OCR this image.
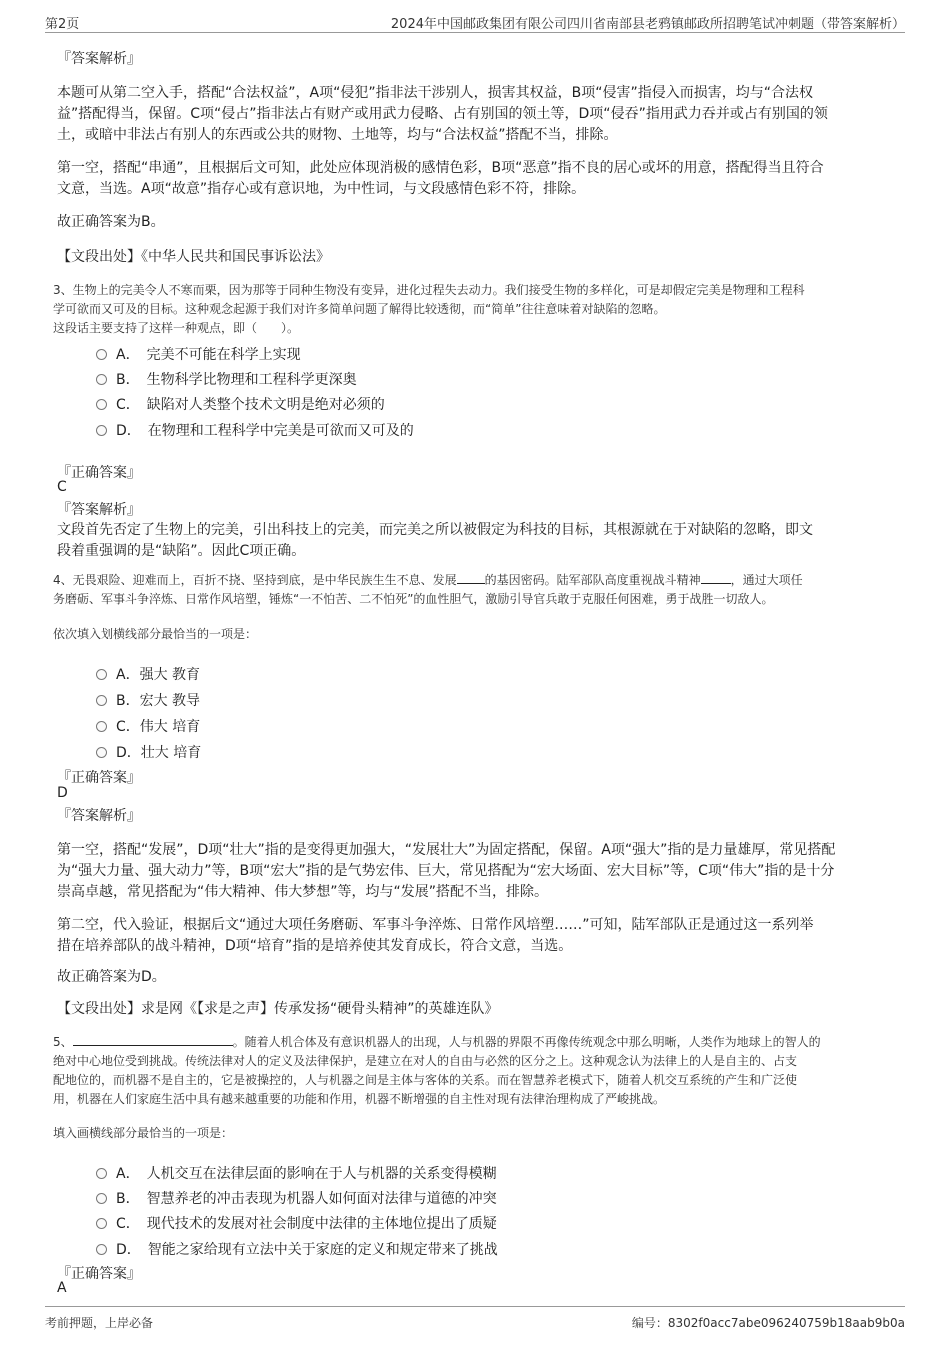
第2页	2024年中国邮政集团有限公司四川省南部县老鸦镇邮政所招聘笔试冲刺题（带答案解析）
『答案解析』
本题可从第二空入手，搭配“合法权益”，A项“侵犯”指非法干涉别人，损害其权益，B项“侵害”指侵入而损害，均与“合法权
益”搭配得当，保留。C项“侵占”指非法占有财产或用武力侵略、占有别国的领土等，D项“侵吞”指用武力吞并或占有别国的领
土，或暗中非法占有别人的东西或公共的财物、土地等，均与“合法权益”搭配不当，排除。
第一空，搭配“串通”，且根据后文可知，此处应体现消极的感情色彩，B项“恶意”指不良的居心或坏的用意，搭配得当且符合
文意，当选。A项“故意”指存心或有意识地，为中性词，与文段感情色彩不符，排除。
故正确答案为B。
【文段出处】《中华人民共和国民事诉讼法》
3、生物上的完美令人不寒而栗，因为那等于同种生物没有变异，进化过程失去动力。我们接受生物的多样化，可是却假定完美是物理和工程科
学可欲而又可及的目标。这种观念起源于我们对许多简单问题了解得比较透彻，而“简单”往往意味着对缺陷的忽略。
这段话主要支持了这样一种观点，即（　　）。
A．　完美不可能在科学上实现
B．　生物科学比物理和工程科学更深奥
C．　缺陷对人类整个技术文明是绝对必须的
D．　在物理和工程科学中完美是可欲而又可及的
『正确答案』
C
『答案解析』
文段首先否定了生物上的完美，引出科技上的完美，而完美之所以被假定为科技的目标，其根源就在于对缺陷的忽略，即文
段着重强调的是“缺陷”。因此C项正确。
4、无畏艰险、迎难而上，百折不挠、坚持到底，是中华民族生生不息、发展 的基因密码。陆军部队高度重视战斗精神	，通过大项任
务磨砺、军事斗争淬炼、日常作风培塑，锤炼“一不怕苦、二不怕死”的血性胆气，激励引导官兵敢于克服任何困难，勇于战胜一切敌人。
依次填入划横线部分最恰当的一项是：
A．强大 教育
B．宏大 教导
C．伟大 培育
D．壮大 培育
『正确答案』
D
『答案解析』
第一空，搭配“发展”，D项“壮大”指的是变得更加强大，“发展壮大”为固定搭配，保留。A项“强大”指的是力量雄厚，常见搭配
为“强大力量、强大动力”等，B项“宏大”指的是气势宏伟、巨大，常见搭配为“宏大场面、宏大目标”等，C项“伟大”指的是十分
崇高卓越，常见搭配为“伟大精神、伟大梦想”等，均与“发展”搭配不当，排除。
第二空，代入验证，根据后文“通过大项任务磨砺、军事斗争淬炼、日常作风培塑……”可知，陆军部队正是通过这一系列举
措在培养部队的战斗精神，D项“培育”指的是培养使其发育成长，符合文意，当选。
故正确答案为D。
【文段出处】求是网《【求是之声】传承发扬“硬骨头精神”的英雄连队》
5、	。随着人机合体及有意识机器人的出现，人与机器的界限不再像传统观念中那么明晰，人类作为地球上的智人的
绝对中心地位受到挑战。传统法律对人的定义及法律保护，是建立在对人的自由与必然的区分之上。这种观念认为法律上的人是自主的、占支
配地位的，而机器不是自主的，它是被操控的，人与机器之间是主体与客体的关系。而在智慧养老模式下，随着人机交互系统的产生和广泛使
用，机器在人们家庭生活中具有越来越重要的功能和作用，机器不断增强的自主性对现有法律治理构成了严峻挑战。
填入画横线部分最恰当的一项是：
A．　人机交互在法律层面的影响在于人与机器的关系变得模糊
B．　智慧养老的冲击表现为机器人如何面对法律与道德的冲突
C．　现代技术的发展对社会制度中法律的主体地位提出了质疑
D．　智能之家给现有立法中关于家庭的定义和规定带来了挑战
『正确答案』
A
考前押题，上岸必备	编号：8302f0acc7abe096240759b18aab9b0a
